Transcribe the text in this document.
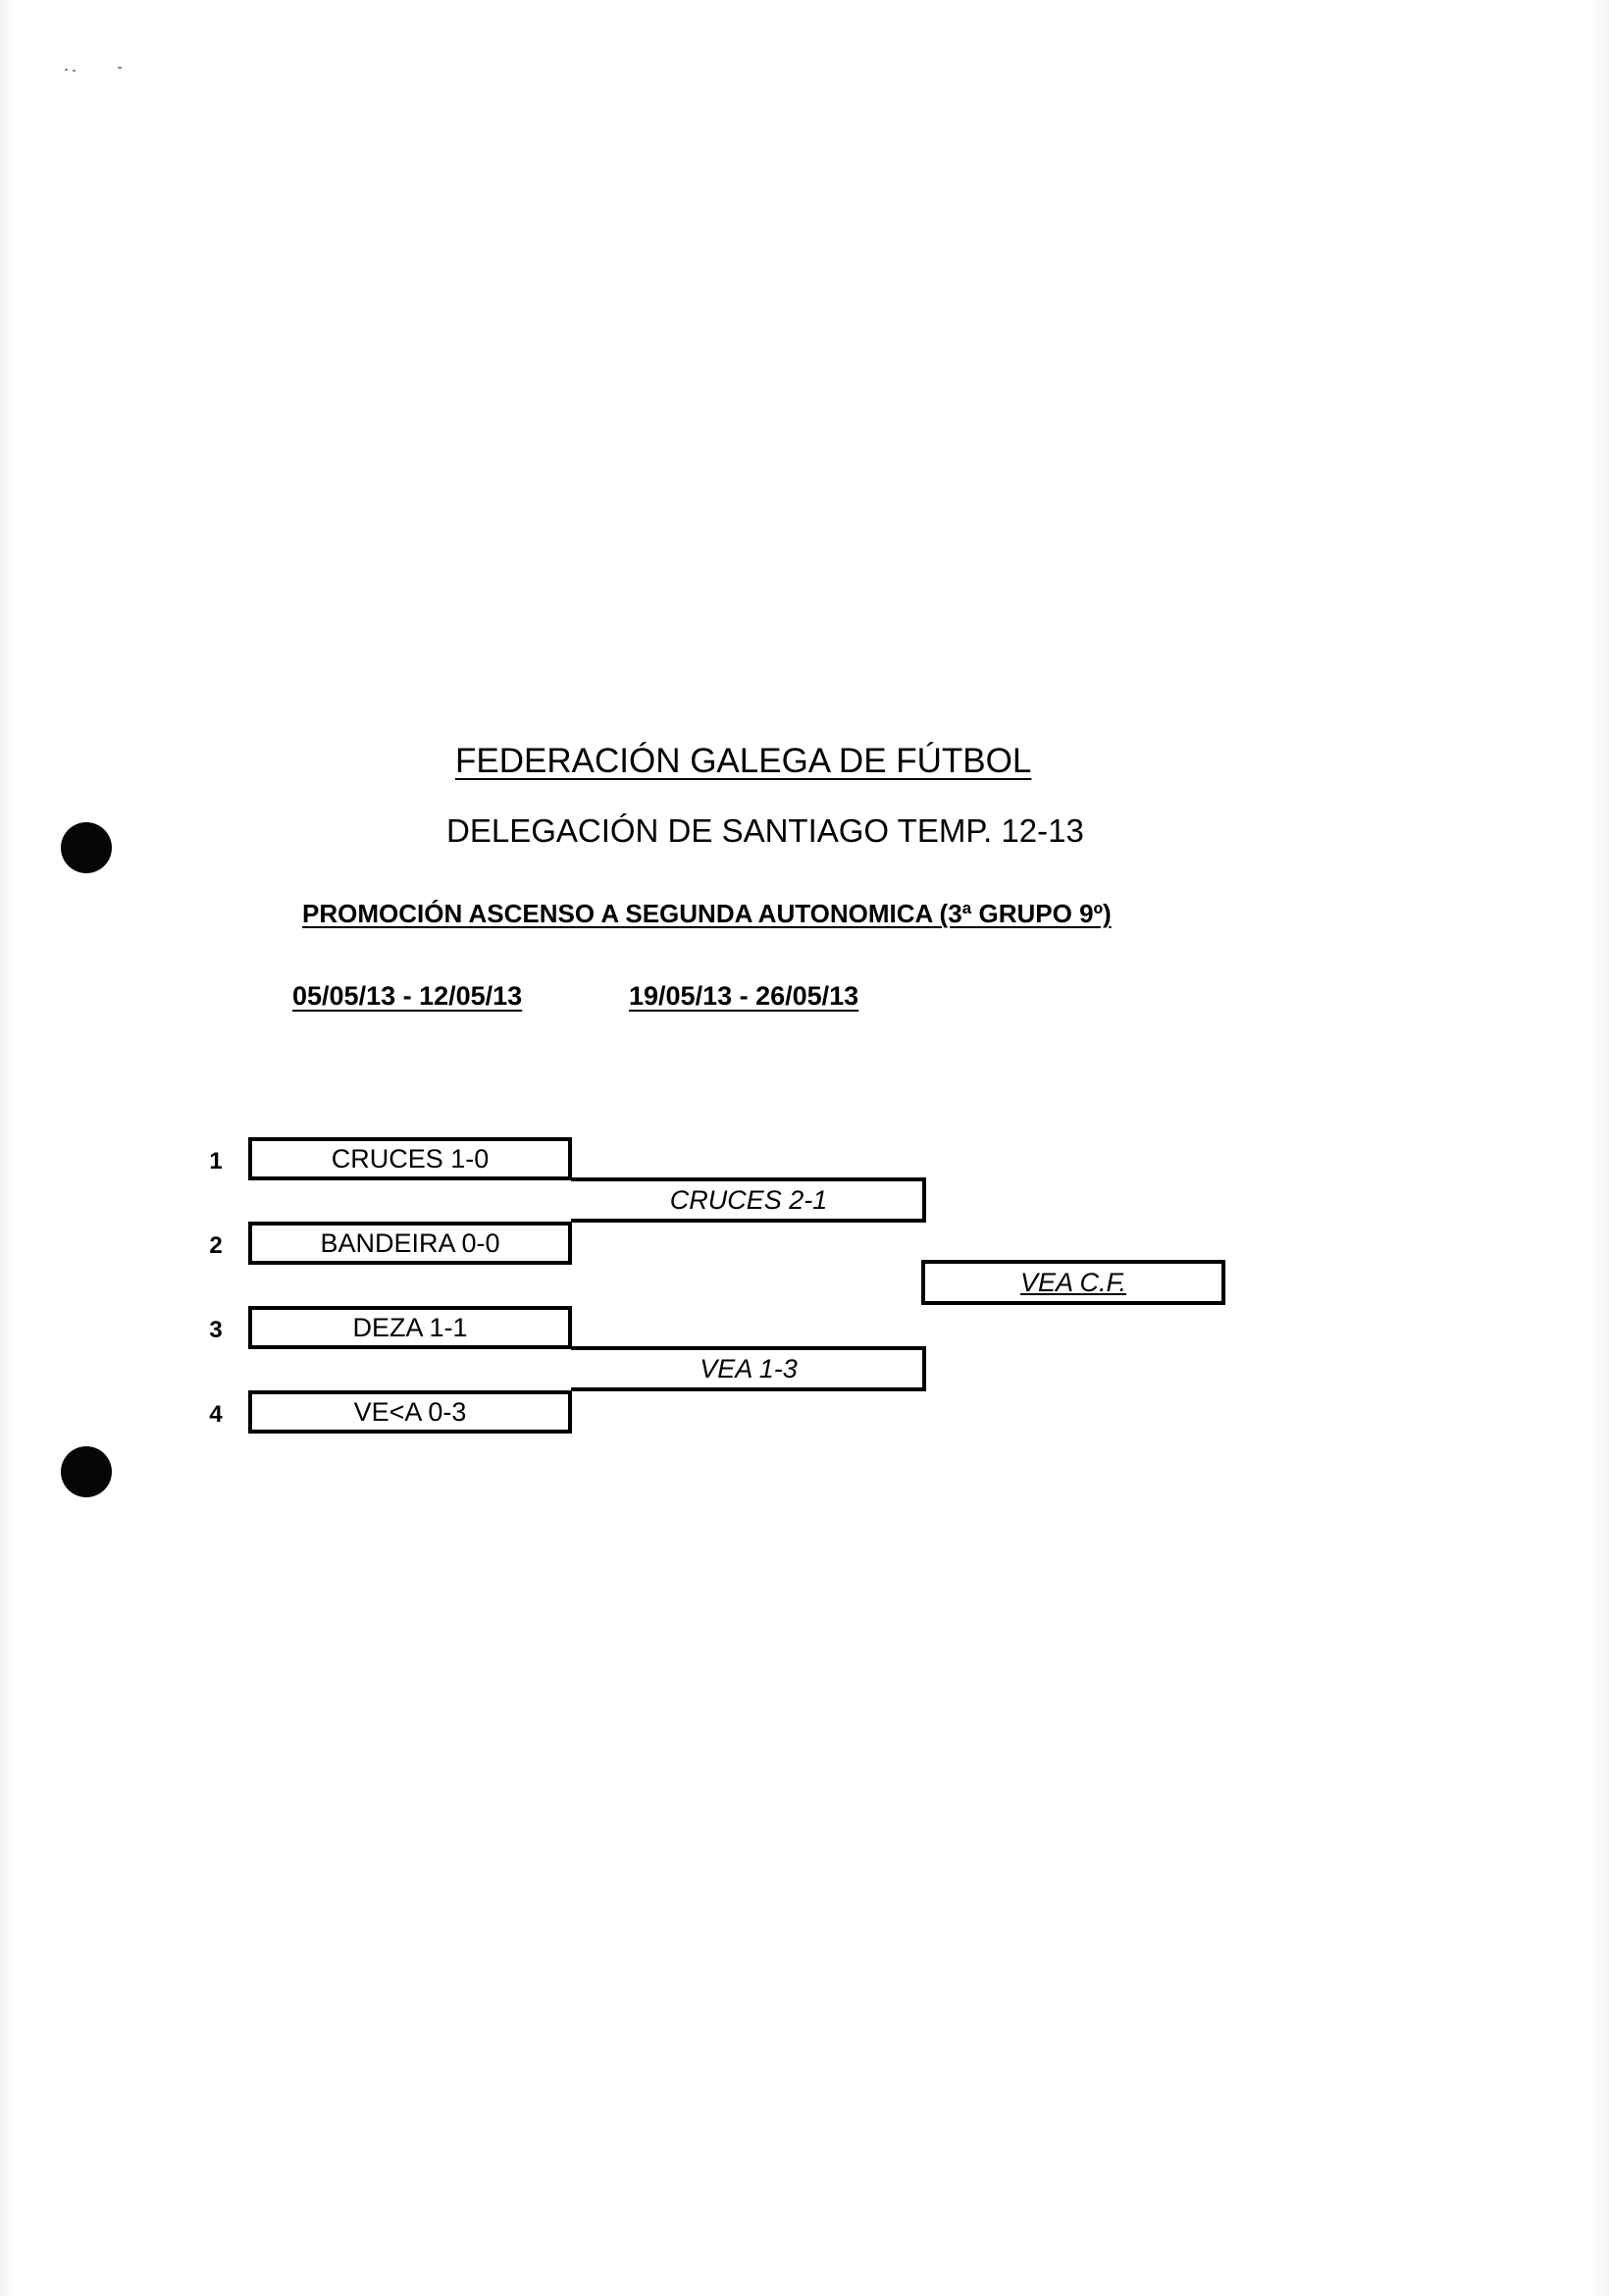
FEDERACIÓN GALEGA DE FÚTBOL
DELEGACIÓN DE SANTIAGO TEMP. 12-13
PROMOCIÓN ASCENSO A SEGUNDA AUTONOMICA (3ª GRUPO 9º)
05/05/13 - 12/05/13	19/05/13 - 26/05/13
1
2
3
4
CRUCES 1-0
BANDEIRA 0-0
DEZA 1-1
VE<A 0-3
CRUCES 2-1
VEA 1-3
VEA C.F.
